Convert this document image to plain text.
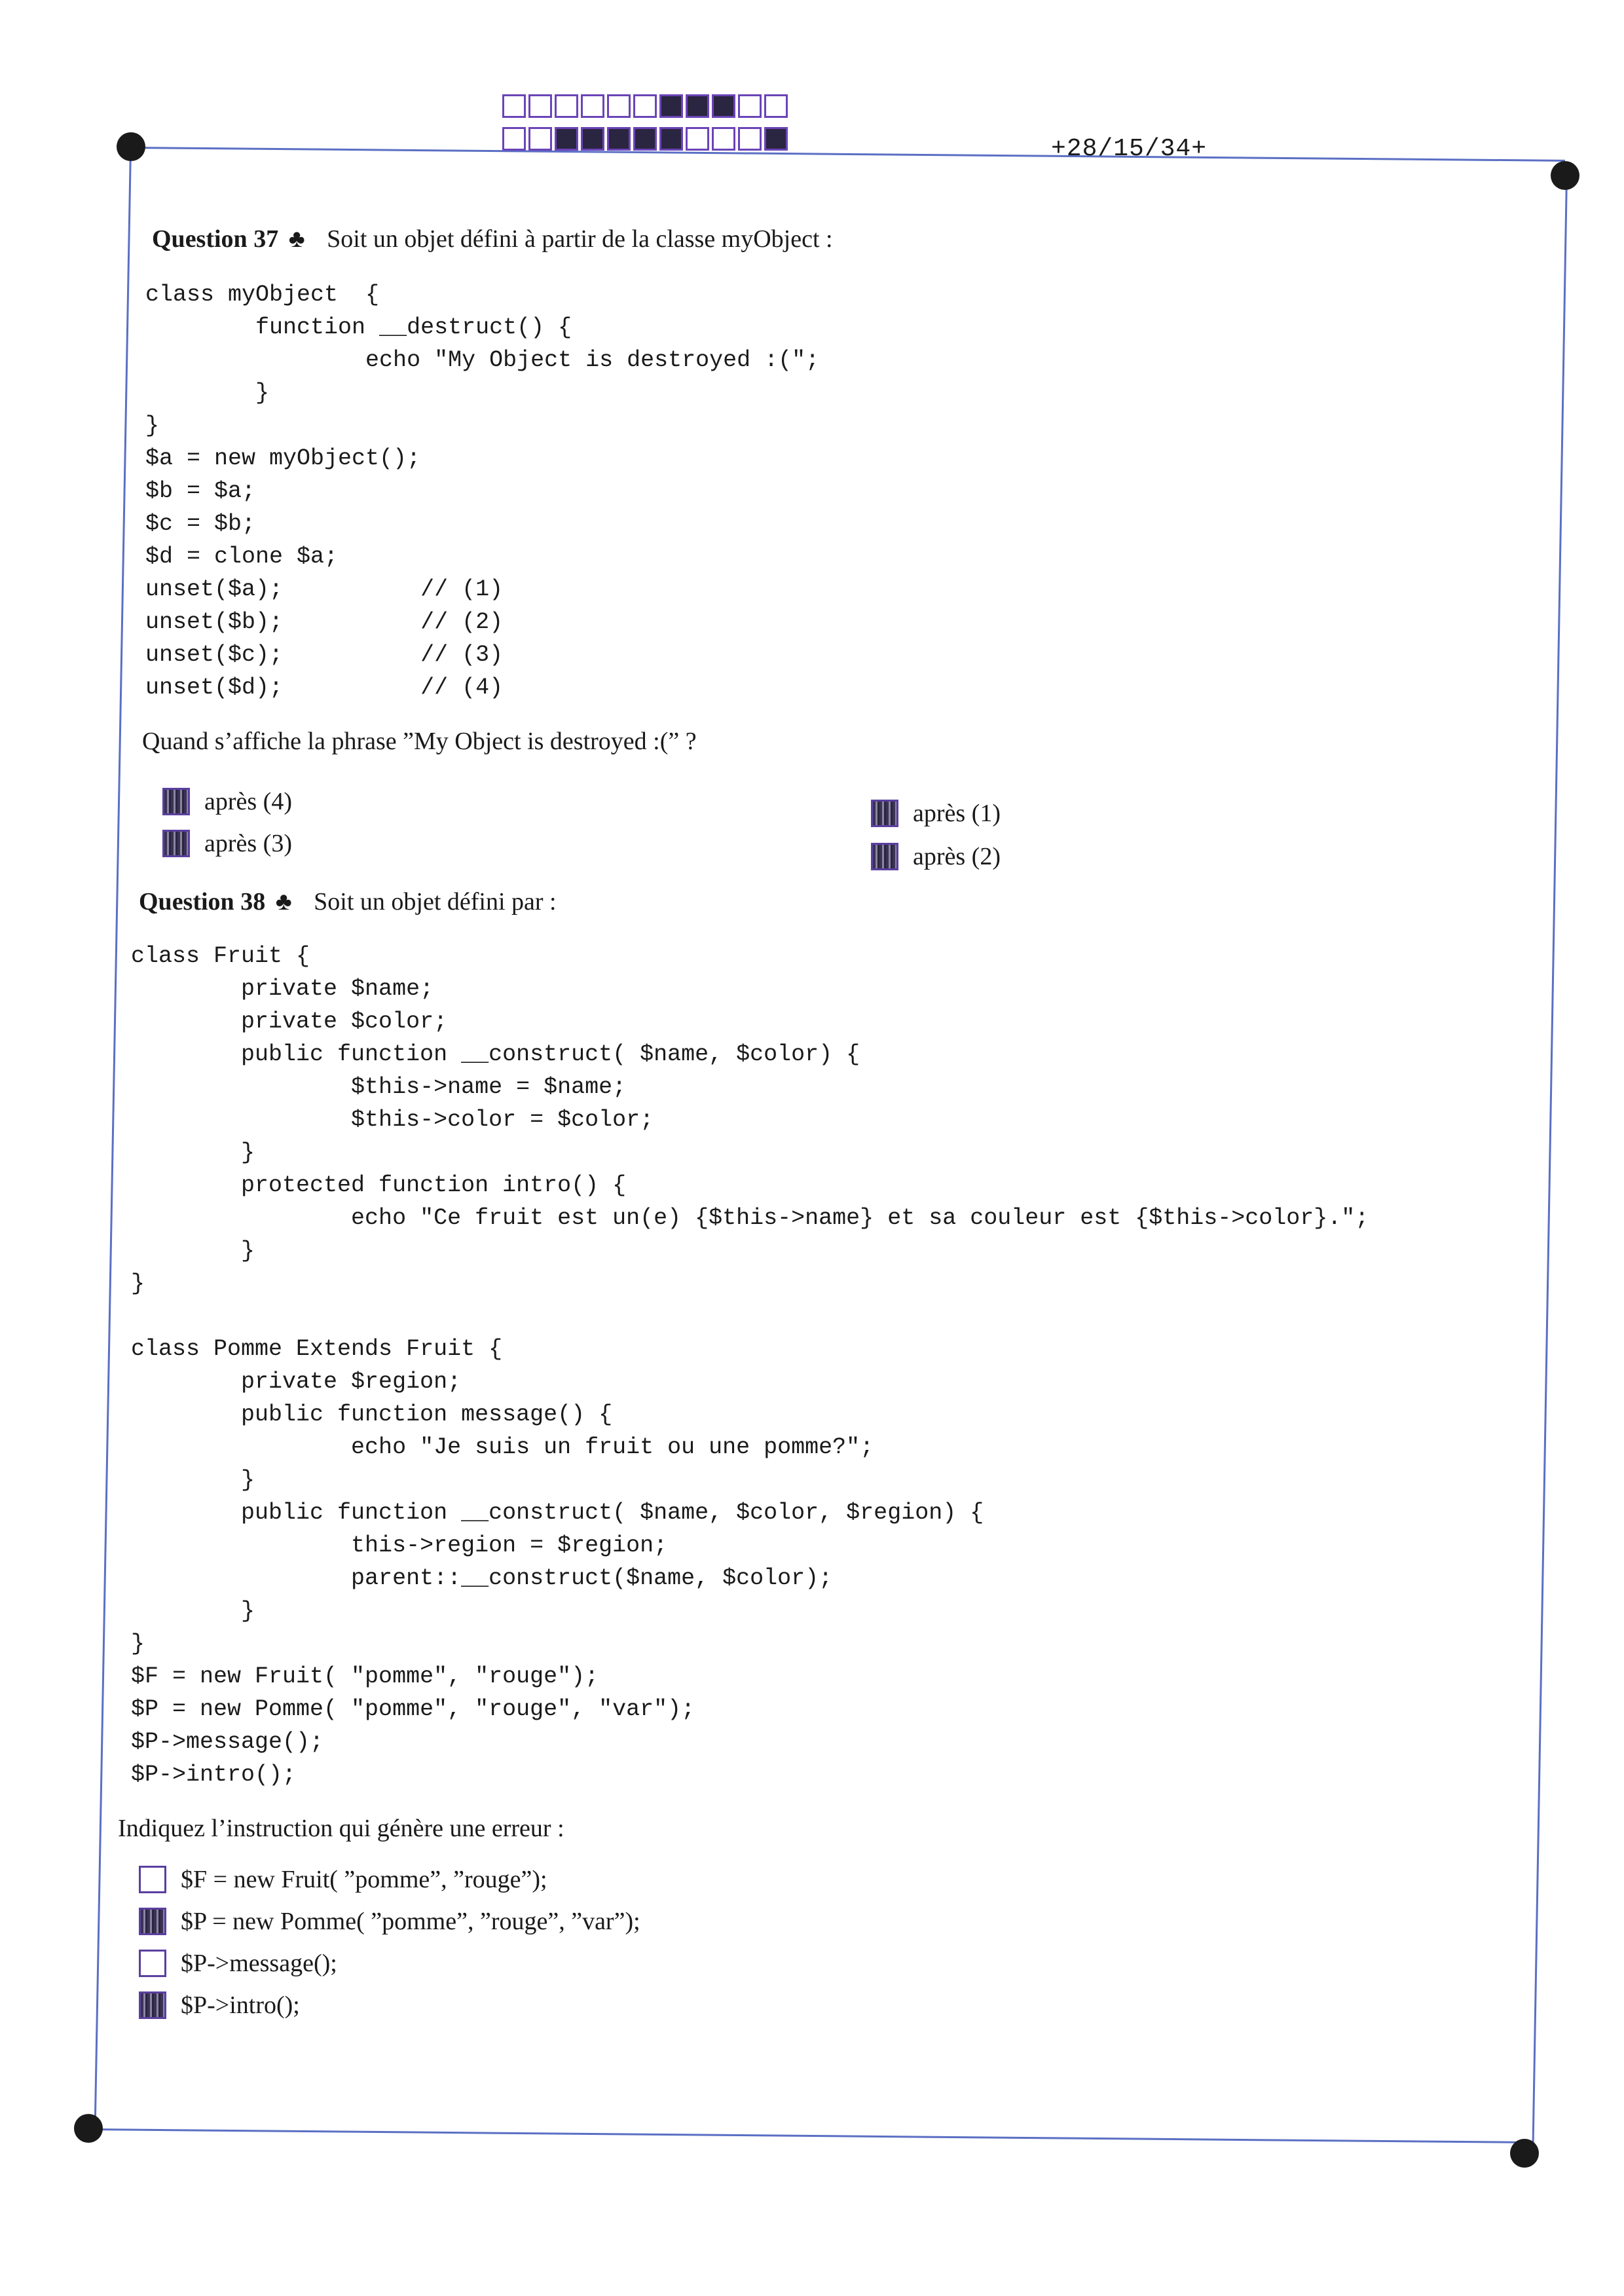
+28/15/34+
Question 37 ♣ Soit un objet défini à partir de la classe myObject :
class myObject  {
function __destruct() {
echo "My Object is destroyed :(";
}
}
$a = new myObject();
$b = $a;
$c = $b;
$d = clone $a;
unset($a);          // (1)
unset($b);          // (2)
unset($c);          // (3)
unset($d);          // (4)
Quand s’affiche la phrase ”My Object is destroyed :(” ?
après (4)
après (3)
après (1)
après (2)
Question 38 ♣ Soit un objet défini par :
class Fruit {
private $name;
private $color;
public function __construct( $name, $color) {
$this->name = $name;
$this->color = $color;
}
protected function intro() {
echo "Ce fruit est un(e) {$this->name} et sa couleur est {$this->color}.";
}
}

class Pomme Extends Fruit {
private $region;
public function message() {
echo "Je suis un fruit ou une pomme?";
}
public function __construct( $name, $color, $region) {
this->region = $region;
parent::__construct($name, $color);
}
}
$F = new Fruit( "pomme", "rouge");
$P = new Pomme( "pomme", "rouge", "var");
$P->message();
$P->intro();
Indiquez l’instruction qui génère une erreur :
$F = new Fruit( ”pomme”, ”rouge”);
$P = new Pomme( ”pomme”, ”rouge”, ”var”);
$P->message();
$P->intro();
